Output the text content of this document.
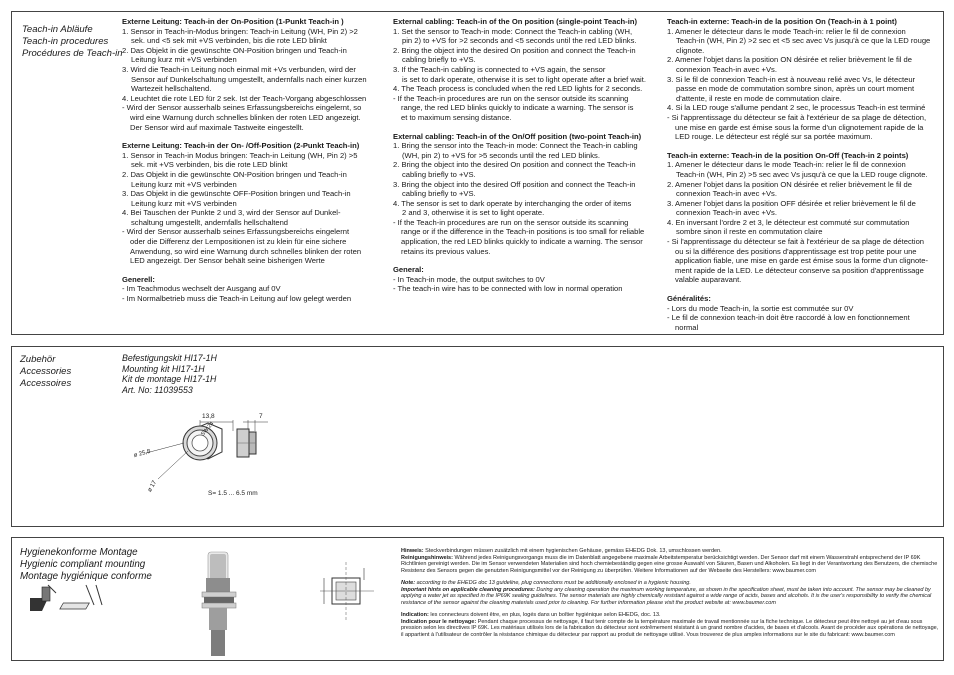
Teach-in Abläufe
Teach-in procedures
Procédures de Teach-in
Externe Leitung: Teach-in der On-Position (1-Punkt Teach-in )
1. Sensor in Teach-in-Modus bringen: Teach-in Leitung (WH, Pin 2) >2
sek. und <5 sek mit +VS verbinden, bis die rote LED blinkt
2. Das Objekt in die gewünschte ON-Position bringen und Teach-in
Leitung kurz mit +VS verbinden
3. Wird die Teach-in Leitung noch einmal mit +Vs verbunden, wird der
Sensor auf Dunkelschaltung umgestellt, andernfalls nach einer kurzen
Wartezeit hellschaltend.
4. Leuchtet die rote LED für 2 sek. Ist der Teach-Vorgang abgeschlossen
- Wird der Sensor ausserhalb seines Erfassungsbereichs eingelernt, so
wird eine Warnung durch schnelles blinken der roten LED angezeigt.
Der Sensor wird auf maximale Tastweite eingestellt.
Externe Leitung: Teach-in der On- /Off-Position (2-Punkt Teach-in)
1. Sensor in Teach-in Modus bringen: Teach-in Leitung (WH, Pin 2) >5
sek. mit +VS verbinden, bis die rote LED blinkt
2. Das Objekt in die gewünschte ON-Position bringen und Teach-in
Leitung kurz mit +VS verbinden
3. Das Objekt in die gewünschte OFF-Position bringen und Teach-in
Leitung kurz mit +VS verbinden
4. Bei Tauschen der Punkte 2 und 3, wird der Sensor auf Dunkel-
schaltung umgestellt, andernfalls hellschaltend
- Wird der Sensor ausserhalb seines Erfassungsbereichs eingelernt
oder die Differenz der Lernpositionen ist zu klein für eine sichere
Anwendung, so wird eine Warnung durch schnelles blinken der roten
LED angezeigt. Der Sensor behält seine bisherigen Werte
Generell:
- Im Teachmodus wechselt der Ausgang auf 0V
- Im Normalbetrieb muss die Teach-in Leitung auf low gelegt werden
External cabling: Teach-in of the On position (single-point Teach-in)
1. Set the sensor to Teach-in mode: Connect the Teach-in cabling (WH,
pin 2) to +VS for >2 seconds and <5 seconds until the red LED blinks.
2. Bring the object into the desired On position and connect the Teach-in
cabling briefly to +VS.
3. If the Teach-in cabling is connected to +VS again, the sensor
is set to dark operate, otherwise it is set to light operate after a brief wait.
4. The Teach process is concluded when the red LED lights for 2 seconds.
- If the Teach-in procedures are run on the sensor outside its scanning
range, the red LED blinks quickly to indicate a warning. The sensor is
et to maximum sensing distance.
External cabling: Teach-in of the On/Off position (two-point Teach-in)
1. Bring the sensor into the Teach-in mode: Connect the Teach-in cabling
(WH, pin 2) to +VS for >5 seconds until the red LED blinks.
2. Bring the object into the desired On position and connect the Teach-in
cabling briefly to +VS.
3. Bring the object into the desired Off position and connect the Teach-in
cabling briefly to +VS.
4. The sensor is set to dark operate by interchanging the order of items
2 and 3, otherwise it is set to light operate.
- If the Teach-in procedures are run on the sensor outside its scanning
range or if the difference in the Teach-in positions is too small for reliable
application, the red LED blinks quickly to indicate a warning. The sensor
retains its previous values.
General:
- In Teach-in mode, the output switches to 0V
- The teach-in wire has to be connected with low in normal operation
Teach-in externe: Teach-in de la position On (Teach-in à 1 point)
1. Amener le détecteur dans le mode Teach-in: relier le fil de connexion
Teach-in (WH, Pin 2) >2 sec et <5 sec avec Vs jusqu'à ce que la LED rouge
clignote.
2. Amener l'objet dans la position ON désirée et relier brièvement le fil de
connexion Teach-in avec +Vs.
3. Si le fil de connexion Teach-in est à nouveau relié avec Vs, le détecteur
passe en mode de commutation sombre sinon, après un court moment
d'attente, il reste en mode de commutation claire.
4. Si la LED rouge s'allume pendant 2 sec, le processus Teach-in est terminé
- Si l'apprentissage du détecteur se fait à l'extérieur de sa plage de détection,
une mise en garde est émise sous la forme d'un clignotement rapide de la
LED rouge. Le détecteur est réglé sur sa portée maximum.
Teach-in externe: Teach-in de la position On-Off (Teach-in 2 points)
1. Amener le détecteur dans le mode Teach-in: relier le fil de connexion
Teach-in (WH, Pin 2) >5 sec avec Vs jusqu'à ce que la LED rouge clignote.
2. Amener l'objet dans la position ON désirée et relier brièvement le fil de
connexion Teach-in avec +Vs.
3. Amener l'objet dans la position OFF désirée et relier brièvement le fil de
connexion Teach-in avec +Vs.
4. En inversant l'ordre 2 et 3, le détecteur est commuté sur commutation
sombre sinon il reste en commutation claire
- Si l'apprentissage du détecteur se fait à l'extérieur de sa plage de détection
ou si la différence des positions d'apprentissage est trop petite pour une
application fiable, une mise en garde est émise sous la forme d'un clignote-
ment rapide de la LED. Le détecteur conserve sa position d'apprentissage
valable auparavant.
Généralités:
- Lors du mode Teach-in, la sortie est commutée sur 0V
- Le fil de connexion teach-in doit être raccordé à low en fonctionnement
normal
Zubehör
Accessories
Accessoires
Befestigungskit HI17-1H
Mounting kit HI17-1H
Kit de montage HI17-1H
Art. No: 11039553
13,8	7
SW 24
ø 25,8
ø 17
S= 1.5 ... 6.5 mm
Hygienekonforme Montage
Hygienic compliant mounting
Montage hygiénique conforme

Hinweis: Steckverbindungen müssen zusätzlich mit einem hygienischen Gehäuse, gemäss EHEDG Dok. 13, umschlossen werden.
Reinigungshinweis: Während jedes Reinigungsvorgangs muss die im Datenblatt angegebene maximale Arbeitstemperatur berücksichtigt werden. Der Sensor darf mit einem Wasserstrahl entsprechend der IP 69K Richtlinien gereinigt werden. Die im Sensor verwendeten Materialien sind hoch chemiebeständig gegen eine grosse Auswahl von Säuren, Basen und Alkoholen. Es liegt in der Verantwortung des Benutzers, die chemische Resistenz des Sensors gegen die genutzten Reinigungsmittel vor der Reinigung zu überprüfen. Weitere Informationen auf der Webseite des Herstellers: www.baumer.com

Note: according to the EHEDG doc 13 guideline, plug connections must be additionally enclosed in a hygienic housing.
Important hints on applicable cleaning procedures: During any cleaning operation the maximum working temperature, as shown in the specification sheet, must be taken into account. The sensor may be cleaned by applying a water jet as specified in the IP69K sealing guidelines. The sensor materials are highly chemically resistant against a wide range of acids, bases and alcohols. It is the user's responsibility to verify the chemical resistance of the sensor against the cleaning materials used prior to cleaning. For further information please visit the product website at: www.baumer.com

Indication: les connecteurs doivent être, en plus, logés dans un boîtier hygiénique selon EHEDG, doc. 13.
Indication pour le nettoyage: Pendant chaque processus de nettoyage, il faut tenir compte de la température maximale de travail mentionnée sur la fiche technique. Le détecteur peut être nettoyé au jet d'eau sous pression selon les directives IP 69K. Les matériaux utilisés lors de la fabrication du détecteur sont extrêmement résistant à un grand nombre d'acides, de bases et d'alcools. Avant de procéder aux opérations de nettoyage, il appartient à l'utilisateur de contrôler la résistance chimique du détecteur par rapport au produit de nettoyage utilisé. Vous trouverez de plus amples informations sur le site du fabricant: www.baumer.com
